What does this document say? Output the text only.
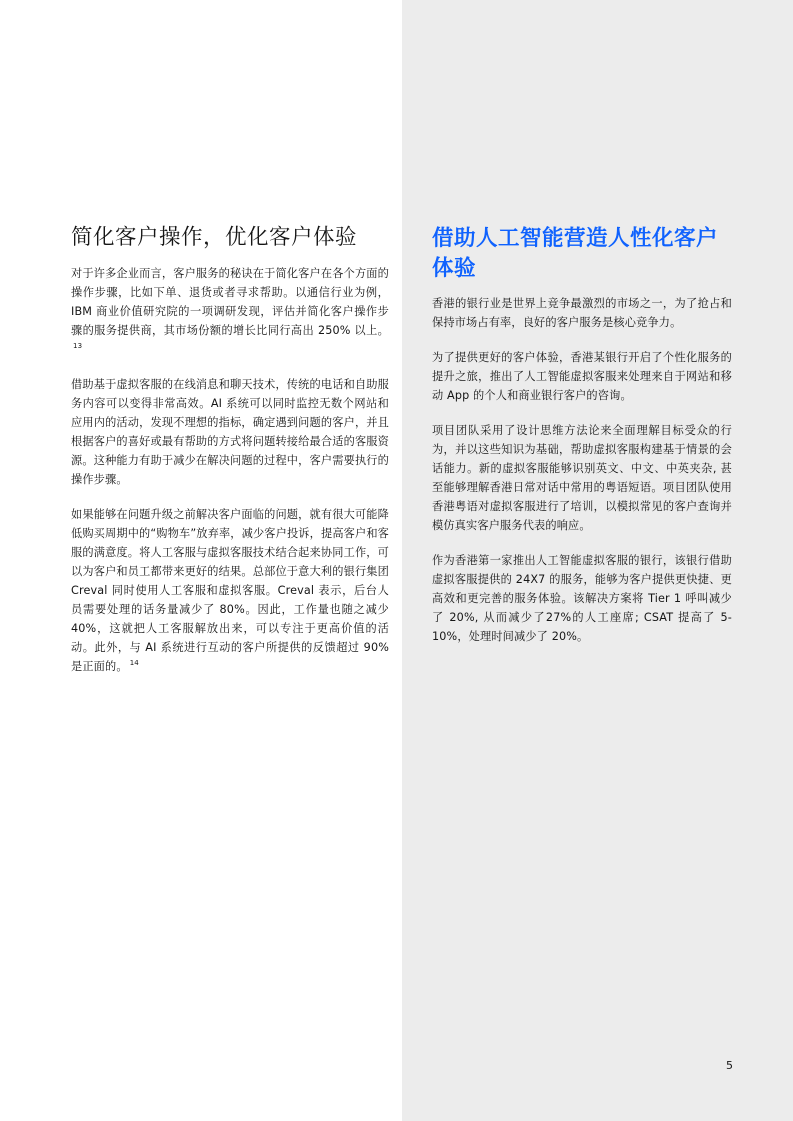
简化客户操作，优化客户体验

对于许多企业而言，客户服务的秘诀在于简化客户在各个方面的操作步骤，比如下单、退货或者寻求帮助。以通信行业为例，IBM 商业价值研究院的一项调研发现，评估并简化客户操作步骤的服务提供商，其市场份额的增长比同行高出 250% 以上。$^{13}$

借助基于虚拟客服的在线消息和聊天技术，传统的电话和自助服务内容可以变得非常高效。AI 系统可以同时监控无数个网站和应用内的活动，发现不理想的指标，确定遇到问题的客户，并且根据客户的喜好或最有帮助的方式将问题转接给最合适的客服资源。这种能力有助于减少在解决问题的过程中，客户需要执行的操作步骤。

如果能够在问题升级之前解决客户面临的问题，就有很大可能降低购买周期中的“购物车”放弃率，减少客户投诉，提高客户和客服的满意度。将人工客服与虚拟客服技术结合起来协同工作，可以为客户和员工都带来更好的结果。总部位于意大利的银行集团 Creval 同时使用人工客服和虚拟客服。Creval 表示，后台人员需要处理的话务量减少了 80%。因此，工作量也随之减少 40%，这就把人工客服解放出来，可以专注于更高价值的活动。此外，与 AI 系统进行互动的客户所提供的反馈超过 90% 是正面的。 $^{14}$

借助人工智能营造人性化客户体验

香港的银行业是世界上竞争最激烈的市场之一，为了抢占和保持市场占有率，良好的客户服务是核心竞争力。

为了提供更好的客户体验，香港某银行开启了个性化服务的提升之旅，推出了人工智能虚拟客服来处理来自于网站和移动 App 的个人和商业银行客户的咨询。

项目团队采用了设计思维方法论来全面理解目标受众的行为，并以这些知识为基础，帮助虚拟客服构建基于情景的会话能力。新的虚拟客服能够识别英文、中文、中英夹杂, 甚至能够理解香港日常对话中常用的粤语短语。项目团队使用香港粤语对虚拟客服进行了培训，以模拟常见的客户查询并模仿真实客户服务代表的响应。

作为香港第一家推出人工智能虚拟客服的银行，该银行借助虚拟客服提供的 24X7 的服务，能够为客户提供更快捷、更高效和更完善的服务体验。该解决方案将 Tier 1 呼叫减少了 20%, 从而减少了27%的人工座席; CSAT 提高了 5-10%，处理时间减少了 20%。

5
